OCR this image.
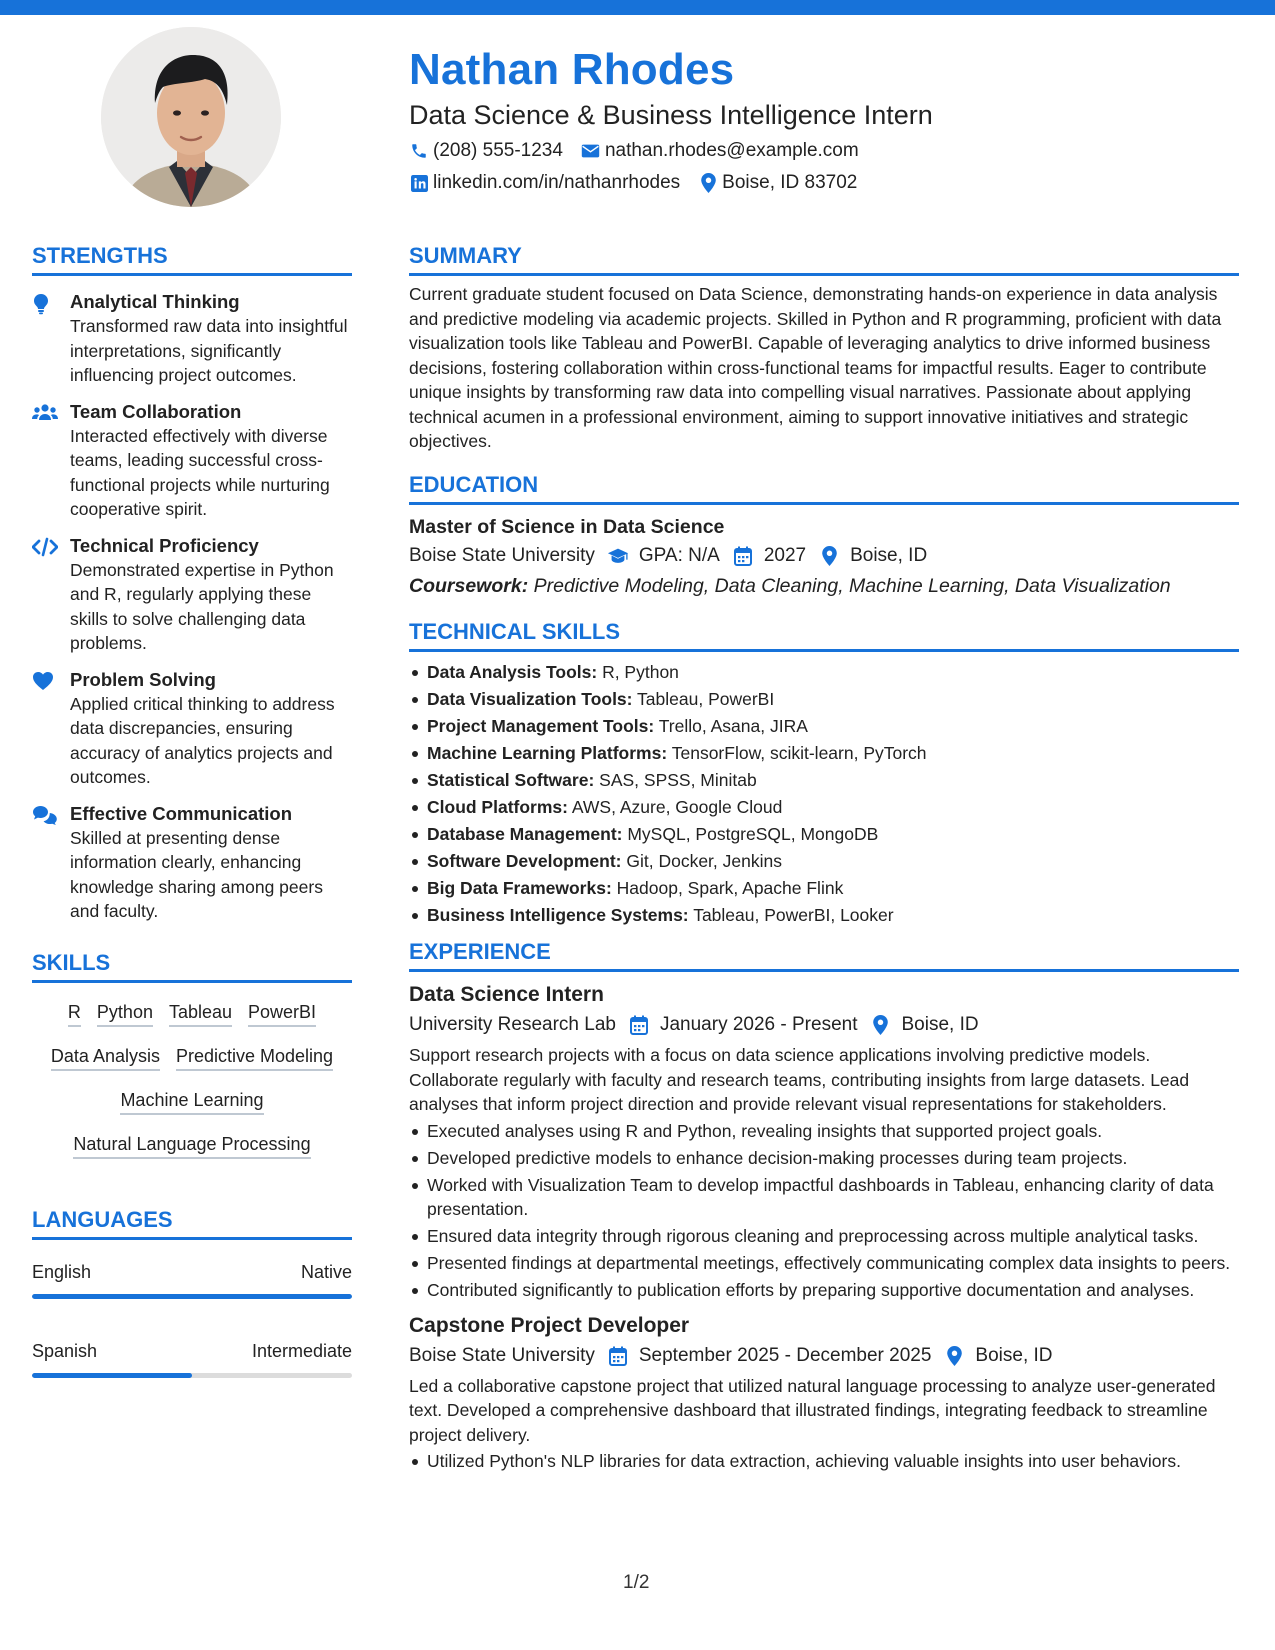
Nathan Rhodes
Data Science & Business Intelligence Intern
(208) 555-1234 nathan.rhodes@example.com
linkedin.com/in/nathanrhodes Boise, ID 83702
STRENGTHS
Analytical Thinking
Transformed raw data into insightful interpretations, significantly influencing project outcomes.
Team Collaboration
Interacted effectively with diverse teams, leading successful cross-functional projects while nurturing cooperative spirit.
Technical Proficiency
Demonstrated expertise in Python and R, regularly applying these skills to solve challenging data problems.
Problem Solving
Applied critical thinking to address data discrepancies, ensuring accuracy of analytics projects and outcomes.
Effective Communication
Skilled at presenting dense information clearly, enhancing knowledge sharing among peers and faculty.
SKILLS
R Python Tableau PowerBI
Data Analysis Predictive Modeling
Machine Learning
Natural Language Processing
LANGUAGES
English	Native
Spanish	Intermediate
SUMMARY
Current graduate student focused on Data Science, demonstrating hands-on experience in data analysis and predictive modeling via academic projects. Skilled in Python and R programming, proficient with data visualization tools like Tableau and PowerBI. Capable of leveraging analytics to drive informed business decisions, fostering collaboration within cross-functional teams for impactful results. Eager to contribute unique insights by transforming raw data into compelling visual narratives. Passionate about applying technical acumen in a professional environment, aiming to support innovative initiatives and strategic objectives.
EDUCATION
Master of Science in Data Science
Boise State University GPA: N/A 2027 Boise, ID
Coursework: Predictive Modeling, Data Cleaning, Machine Learning, Data Visualization
TECHNICAL SKILLS
Data Analysis Tools: R, Python
Data Visualization Tools: Tableau, PowerBI
Project Management Tools: Trello, Asana, JIRA
Machine Learning Platforms: TensorFlow, scikit-learn, PyTorch
Statistical Software: SAS, SPSS, Minitab
Cloud Platforms: AWS, Azure, Google Cloud
Database Management: MySQL, PostgreSQL, MongoDB
Software Development: Git, Docker, Jenkins
Big Data Frameworks: Hadoop, Spark, Apache Flink
Business Intelligence Systems: Tableau, PowerBI, Looker
EXPERIENCE
Data Science Intern
University Research Lab January 2026 - Present Boise, ID
Support research projects with a focus on data science applications involving predictive models. Collaborate regularly with faculty and research teams, contributing insights from large datasets. Lead analyses that inform project direction and provide relevant visual representations for stakeholders.
Executed analyses using R and Python, revealing insights that supported project goals.
Developed predictive models to enhance decision-making processes during team projects.
Worked with Visualization Team to develop impactful dashboards in Tableau, enhancing clarity of data presentation.
Ensured data integrity through rigorous cleaning and preprocessing across multiple analytical tasks.
Presented findings at departmental meetings, effectively communicating complex data insights to peers.
Contributed significantly to publication efforts by preparing supportive documentation and analyses.
Capstone Project Developer
Boise State University September 2025 - December 2025 Boise, ID
Led a collaborative capstone project that utilized natural language processing to analyze user-generated text. Developed a comprehensive dashboard that illustrated findings, integrating feedback to streamline project delivery.
Utilized Python's NLP libraries for data extraction, achieving valuable insights into user behaviors.
1/2
